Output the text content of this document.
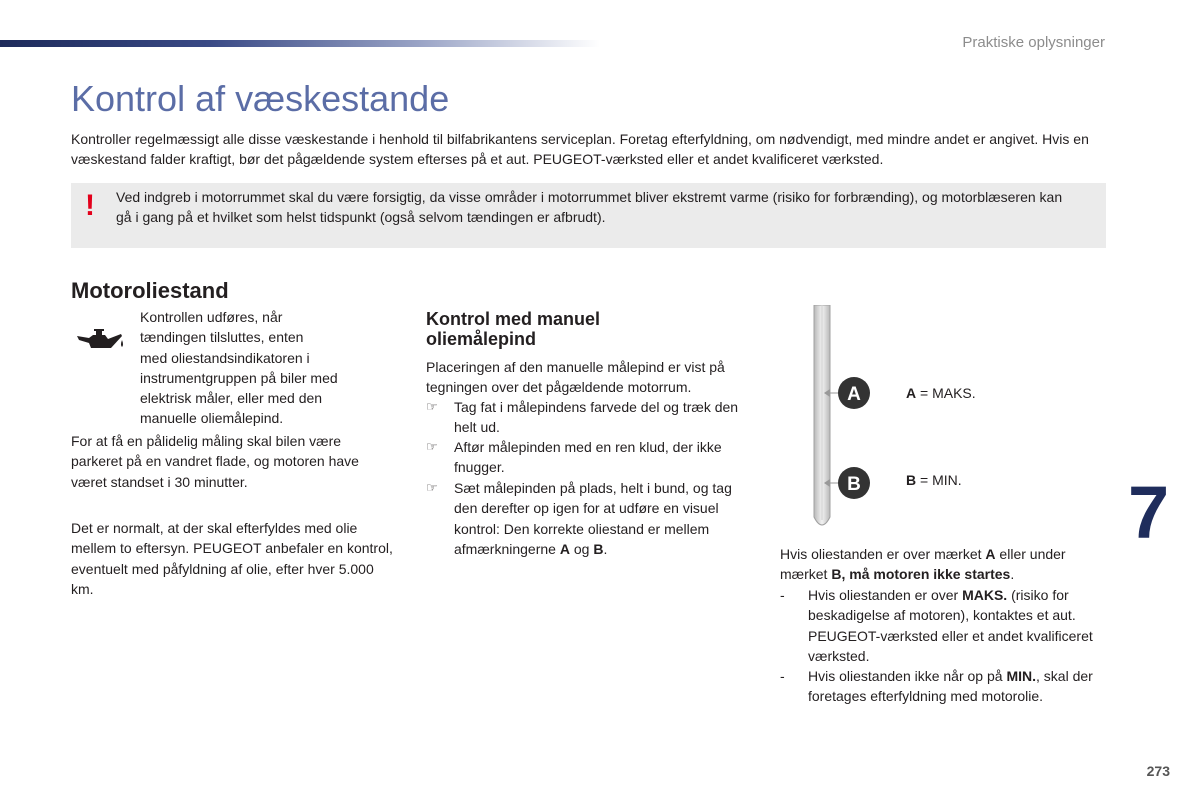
Praktiske oplysninger
Kontrol af væskestande
Kontroller regelmæssigt alle disse væskestande i henhold til bilfabrikantens serviceplan. Foretag efterfyldning, om nødvendigt, med mindre andet er angivet. Hvis en væskestand falder kraftigt, bør det pågældende system efterses på et aut. PEUGEOT-værksted eller et andet kvalificeret værksted.
! Ved indgreb i motorrummet skal du være forsigtig, da visse områder i motorrummet bliver ekstremt varme (risiko for forbrænding), og motorblæseren kan gå i gang på et hvilket som helst tidspunkt (også selvom tændingen er afbrudt).
Motoroliestand
Kontrollen udføres, når
tændingen tilsluttes, enten
med oliestandsindikatoren i
instrumentgruppen på biler med
elektrisk måler, eller med den
manuelle oliemålepind.
For at få en pålidelig måling skal bilen være parkeret på en vandret flade, og motoren have været standset i 30 minutter.
Det er normalt, at der skal efterfyldes med olie mellem to eftersyn. PEUGEOT anbefaler en kontrol, eventuelt med påfyldning af olie, efter hver 5.000 km.
Kontrol med manuel oliemålepind
Placeringen af den manuelle målepind er vist på tegningen over det pågældende motorrum.
☞	Tag fat i målepindens farvede del og træk den helt ud.
☞	Aftør målepinden med en ren klud, der ikke fnugger.
☞	Sæt målepinden på plads, helt i bund, og tag den derefter op igen for at udføre en visuel kontrol: Den korrekte oliestand er mellem afmærkningerne A og B.
A
B
A = MAKS.
B = MIN.
Hvis oliestanden er over mærket A eller under mærket B, må motoren ikke startes.
-	Hvis oliestanden er over MAKS. (risiko for beskadigelse af motoren), kontaktes et aut. PEUGEOT-værksted eller et andet kvalificeret værksted.
-	Hvis oliestanden ikke når op på MIN., skal der foretages efterfyldning med motorolie.
7
273
